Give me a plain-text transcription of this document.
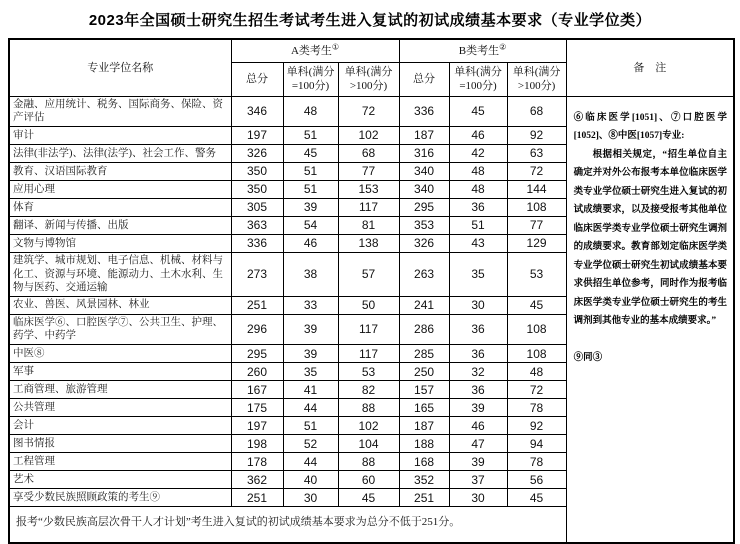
2023年全国硕士研究生招生考试考生进入复试的初试成绩基本要求（专业学位类）
专业学位名称	A类考生①			B类考生②			备　注
	总分	单科(满分=100分)	单科(满分>100分)	总分	单科(满分=100分)	单科(满分>100分)	
金融、应用统计、税务、国际商务、保险、资产评估	346	48	72	336	45	68	⑥临床医学[1051]、⑦口腔医学[1052]、⑧中医[1057]专业:
根据相关规定，“招生单位自主确定并对外公布报考本单位临床医学类专业学位硕士研究生进入复试的初试成绩要求，以及接受报考其他单位临床医学类专业学位硕士研究生调剂的成绩要求。教育部划定临床医学类专业学位硕士研究生初试成绩基本要求供招生单位参考，同时作为报考临床医学类专业学位硕士研究生的考生调剂到其他专业的基本成绩要求。”
⑨同③

审计	197	51	102	187	46	92	
法律(非法学)、法律(法学)、社会工作、警务	326	45	68	316	42	63	
教育、汉语国际教育	350	51	77	340	48	72	
应用心理	350	51	153	340	48	144	
体育	305	39	117	295	36	108	
翻译、新闻与传播、出版	363	54	81	353	51	77	
文物与博物馆	336	46	138	326	43	129	
建筑学、城市规划、电子信息、机械、材料与化工、资源与环境、能源动力、土木水利、生物与医药、交通运输	273	38	57	263	35	53	
农业、兽医、风景园林、林业	251	33	50	241	30	45	
临床医学⑥、口腔医学⑦、公共卫生、护理、药学、中药学	296	39	117	286	36	108	
中医⑧	295	39	117	285	36	108	
军事	260	35	53	250	32	48	
工商管理、旅游管理	167	41	82	157	36	72	
公共管理	175	44	88	165	39	78	
会计	197	51	102	187	46	92	
图书情报	198	52	104	188	47	94	
工程管理	178	44	88	168	39	78	
艺术	362	40	60	352	37	56	
享受少数民族照顾政策的考生⑨	251	30	45	251	30	45	
报考“少数民族高层次骨干人才计划”考生进入复试的初试成绩基本要求为总分不低于251分。							
